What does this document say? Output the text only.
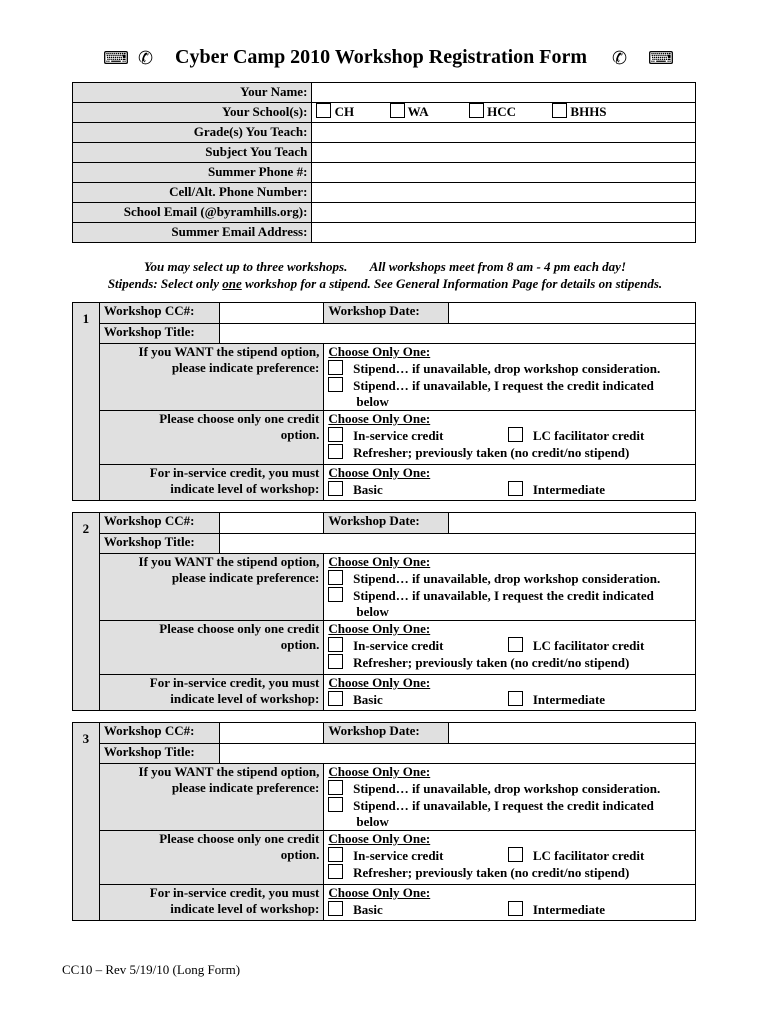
⌨ ✆ Cyber Camp 2010 Workshop Registration Form ✆ ⌨
Your Name:	
Your School(s):	CH WA HCC BHHS
Grade(s) You Teach:	
Subject You Teach	
Summer Phone #:	
Cell/Alt. Phone Number:	
School Email (@byramhills.org):	
Summer Email Address:	
You may select up to three workshops. All workshops meet from 8 am - 4 pm each day!
Stipends: Select only one workshop for a stipend. See General Information Page for details on stipends.
1	Workshop CC#:		Workshop Date:	
	Workshop Title:			

	If you WANT the stipend option,
please indicate preference:		Choose Only One:
Stipend… if unavailable, drop workshop consideration.
Stipend… if unavailable, I request the credit indicated
below	

	Please choose only one credit
option.		Choose Only One:
In-service credit LC facilitator credit
Refresher; previously taken (no credit/no stipend)	

	For in-service credit, you must
indicate level of workshop:		Choose Only One:
Basic Intermediate	
2	Workshop CC#:		Workshop Date:	
	Workshop Title:			

	If you WANT the stipend option,
please indicate preference:		Choose Only One:
Stipend… if unavailable, drop workshop consideration.
Stipend… if unavailable, I request the credit indicated
below	

	Please choose only one credit
option.		Choose Only One:
In-service credit LC facilitator credit
Refresher; previously taken (no credit/no stipend)	

	For in-service credit, you must
indicate level of workshop:		Choose Only One:
Basic Intermediate	
3	Workshop CC#:		Workshop Date:	
	Workshop Title:			

	If you WANT the stipend option,
please indicate preference:		Choose Only One:
Stipend… if unavailable, drop workshop consideration.
Stipend… if unavailable, I request the credit indicated
below	

	Please choose only one credit
option.		Choose Only One:
In-service credit LC facilitator credit
Refresher; previously taken (no credit/no stipend)	

	For in-service credit, you must
indicate level of workshop:		Choose Only One:
Basic Intermediate	
CC10 – Rev 5/19/10 (Long Form)
